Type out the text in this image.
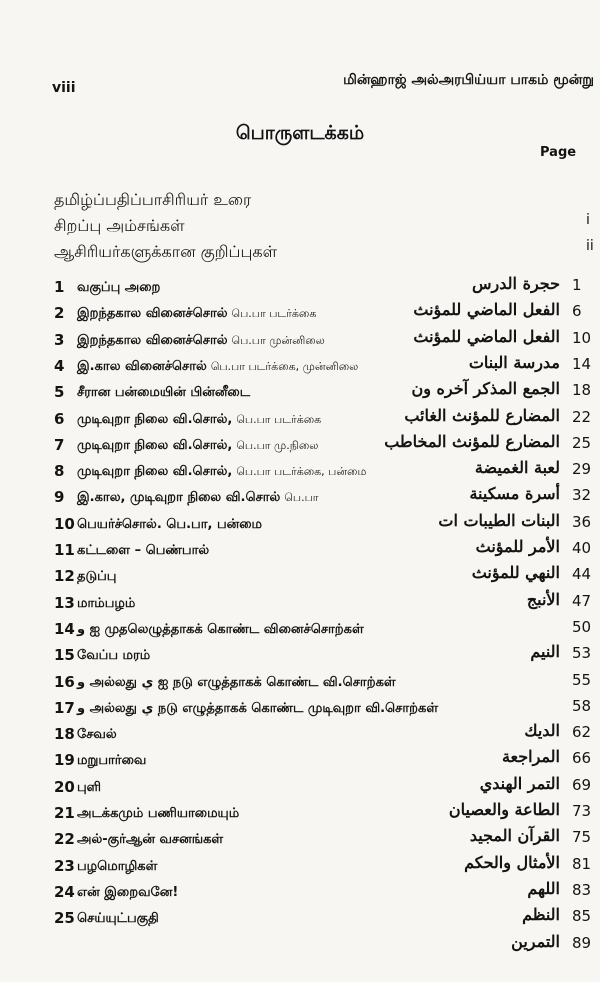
viii	மின்ஹாஜ் அல்அரபிய்யா பாகம் மூன்று
பொருளடக்கம்
Page
தமிழ்ப்பதிப்பாசிரியர் உரை
சிறப்பு அம்சங்கள்	i
ஆசிரியர்களுக்கான குறிப்புகள்	ii
1 வகுப்பு அறை	حجرة الدرس 1
2 இறந்தகால வினைச்சொல் பெ.பா படர்க்கை	الفعل الماضي للمؤنث 6
3 இறந்தகால வினைச்சொல் பெ.பா முன்னிலை	الفعل الماضي للمؤنث 10
4 இ.கால வினைச்சொல் பெ.பா படர்க்கை, முன்னிலை	مدرسة البنات 14
5 சீரான பன்மையின் பின்னீடை	الجمع المذكر آخره ون 18
6 முடிவுறா நிலை வி.சொல், பெ.பா படர்க்கை	المضارع للمؤنث الغائب 22
7 முடிவுறா நிலை வி.சொல், பெ.பா மு.நிலை	المضارع للمؤنث المخاطب 25
8 முடிவுறா நிலை வி.சொல், பெ.பா படர்க்கை, பன்மை	لعبة الغميضة 29
9 இ.கால, முடிவுறா நிலை வி.சொல் பெ.பா	أسرة مسكينة 32
10 பெயர்ச்சொல். பெ.பா, பன்மை	البنات الطيبات ات 36
11 கட்டளை – பெண்பால்	الأمر للمؤنث 40
12 தடுப்பு	النهي للمؤنث 44
13 மாம்பழம்	الأنبج 47
14 و ஐ முதலெழுத்தாகக் கொண்ட வினைச்சொற்கள்	50
15 வேப்ப மரம்	النيم 53
16 و அல்லது ي ஐ நடு எழுத்தாகக் கொண்ட வி.சொற்கள்	55
17 و அல்லது ي நடு எழுத்தாகக் கொண்ட முடிவுறா வி.சொற்கள்	58
18 சேவல்	الديك 62
19 மறுபார்வை	المراجعة 66
20 புளி	التمر الهندي 69
21 அடக்கமும் பணியாமையும்	الطاعة والعصيان 73
22 அல்-குர்ஆன் வசனங்கள்	القرآن المجيد 75
23 பழமொழிகள்	الأمثال والحكم 81
24 என் இறைவனே!	اللهم 83
25 செய்யுட்பகுதி	النظم 85
التمرين 89
